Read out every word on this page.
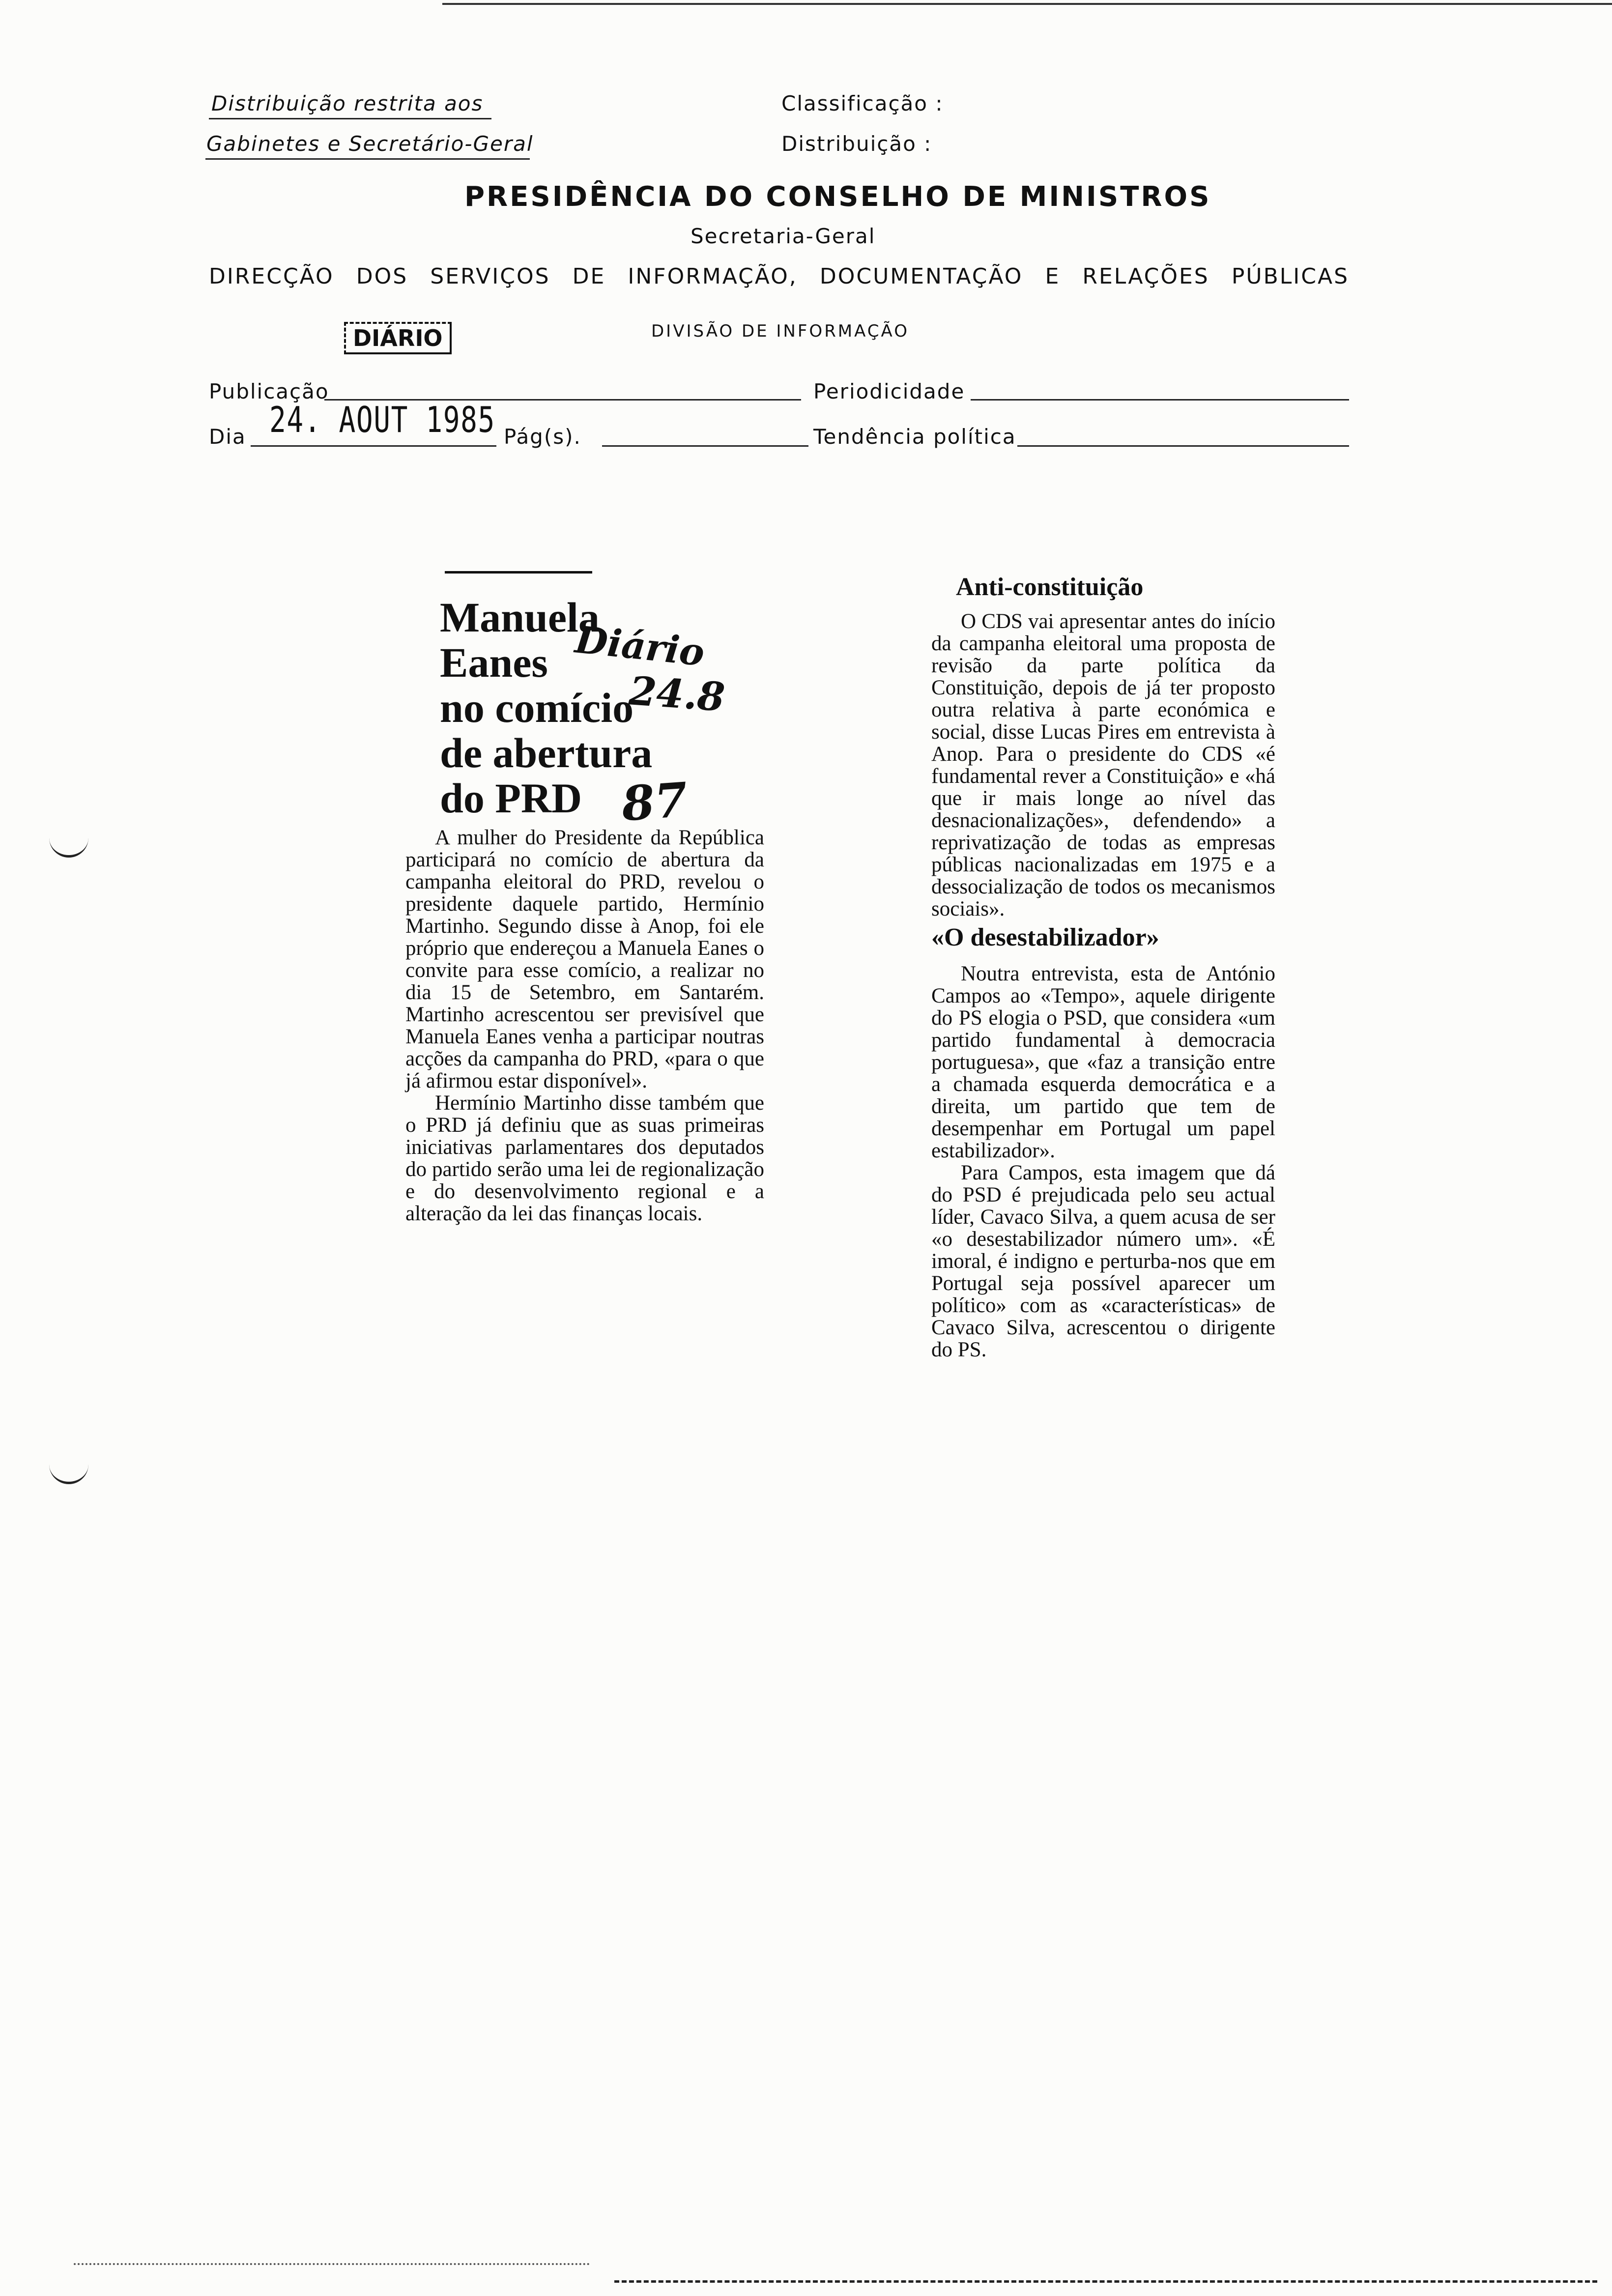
Distribuição restrita aos
Gabinetes e Secretário-Geral
Classificação :
Distribuição :
PRESIDÊNCIA DO CONSELHO DE MINISTROS
Secretaria-Geral
DIRECÇÃO DOS SERVIÇOS DE INFORMAÇÃO, DOCUMENTAÇÃO E RELAÇÕES PÚBLICAS
DIÁRIO	DIVISÃO DE INFORMAÇÃO
Publicação	Periodicidade
Dia 24. AOUT 1985 Pág(s).	Tendência política

Manuela

Eanes

no comício

de abertura

do PRD

Diário
24.8
87

A mulher do Presidente da República participará no comício de abertura da campanha eleitoral do PRD, revelou o presidente daquele partido, Hermínio Martinho. Segundo disse à Anop, foi ele próprio que endereçou a Manuela Eanes o convite para esse comício, a realizar no dia 15 de Setembro, em Santarém. Martinho acrescentou ser previsível que Manuela Eanes venha a participar noutras acções da campanha do PRD, «para o que já afirmou estar disponível».

Hermínio Martinho disse também que o PRD já definiu que as suas primeiras iniciativas parlamentares dos deputados do partido serão uma lei de regionalização e do desenvolvimento regional e a alteração da lei das finanças locais.

Anti-constituição

O CDS vai apresentar antes do início da campanha eleitoral uma proposta de revisão da parte política da Constituição, depois de já ter proposto outra relativa à parte económica e social, disse Lucas Pires em entrevista à Anop. Para o presidente do CDS «é fundamental rever a Constituição» e «há que ir mais longe ao nível das desnacionalizações», defendendo» a reprivatização de todas as empresas públicas nacionalizadas em 1975 e a dessocialização de todos os mecanismos sociais».

«O desestabilizador»

Noutra entrevista, esta de António Campos ao «Tempo», aquele dirigente do PS elogia o PSD, que considera «um partido fundamental à democracia portuguesa», que «faz a transição entre a chamada esquerda democrática e a direita, um partido que tem de desempenhar em Portugal um papel estabilizador».

Para Campos, esta imagem que dá do PSD é prejudicada pelo seu actual líder, Cavaco Silva, a quem acusa de ser «o desestabilizador número um». «É imoral, é indigno e perturba-nos que em Portugal seja possível aparecer um político» com as «características» de Cavaco Silva, acrescentou o dirigente do PS.
